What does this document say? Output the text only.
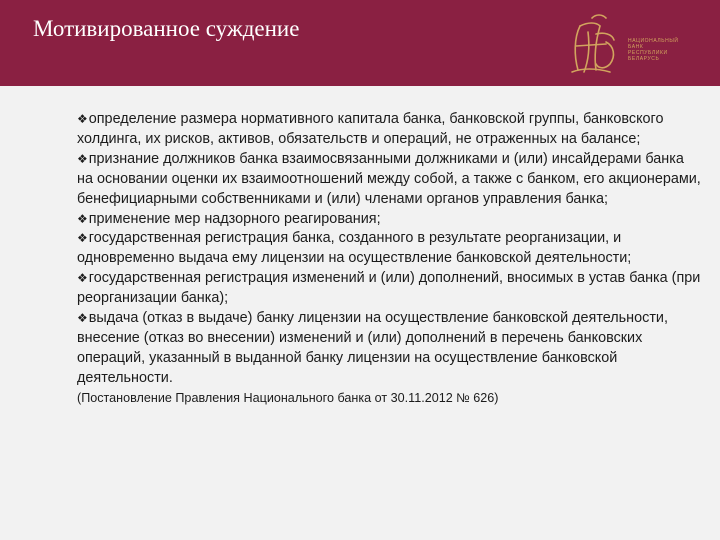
Мотивированное суждение	НАЦИОНАЛЬНЫЙ
БАНК
РЕСПУБЛИКИ
БЕЛАРУСЬ

❖определение размера нормативного капитала банка, банковской группы, банковского холдинга, их рисков, активов, обязательств и операций, не отраженных на балансе;

❖признание должников банка взаимосвязанными должниками и (или) инсайдерами банка на основании оценки их взаимоотношений между собой, а также с банком, его акционерами, бенефициарными собственниками и (или) членами органов управления банка;

❖применение мер надзорного реагирования;

❖государственная регистрация банка, созданного в результате реорганизации, и одновременно выдача ему лицензии на осуществление банковской деятельности;

❖государственная регистрация изменений и (или) дополнений, вносимых в устав банка (при реорганизации банка);

❖выдача (отказ в выдаче) банку лицензии на осуществление банковской деятельности, внесение (отказ во внесении) изменений и (или) дополнений в перечень банковских операций, указанный в выданной банку лицензии на осуществление банковской деятельности.

(Постановление Правления Национального банка от 30.11.2012 № 626)
